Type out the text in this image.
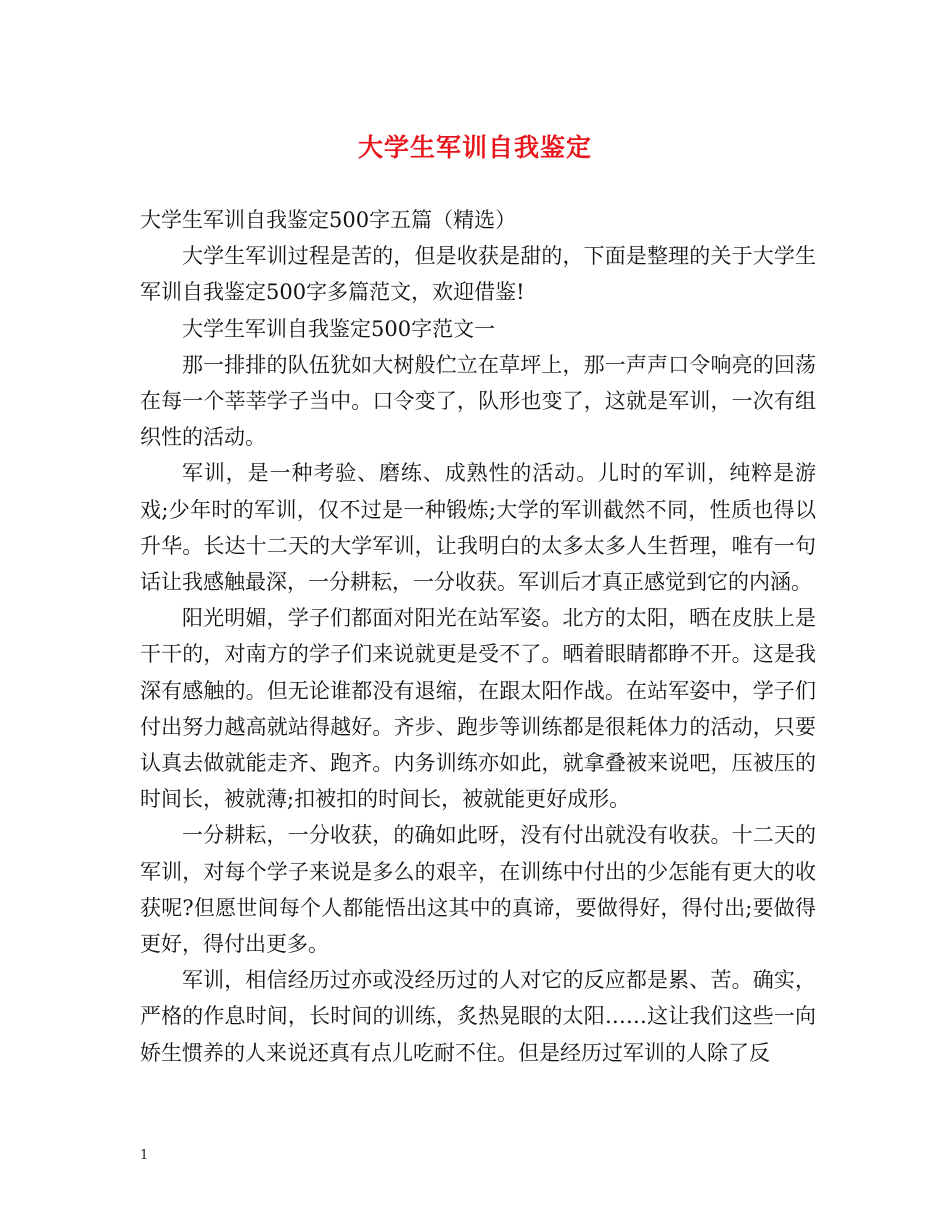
大学生军训自我鉴定

大学生军训自我鉴定500字五篇（精选）

大学生军训过程是苦的，但是收获是甜的，下面是整理的关于大学生军训自我鉴定500字多篇范文，欢迎借鉴!

大学生军训自我鉴定500字范文一

那一排排的队伍犹如大树般伫立在草坪上，那一声声口令响亮的回荡在每一个莘莘学子当中。口令变了，队形也变了，这就是军训，一次有组织性的活动。

军训，是一种考验、磨练、成熟性的活动。儿时的军训，纯粹是游戏;少年时的军训，仅不过是一种锻炼;大学的军训截然不同，性质也得以升华。长达十二天的大学军训，让我明白的太多太多人生哲理，唯有一句话让我感触最深，一分耕耘，一分收获。军训后才真正感觉到它的内涵。

阳光明媚，学子们都面对阳光在站军姿。北方的太阳，晒在皮肤上是干干的，对南方的学子们来说就更是受不了。晒着眼睛都睁不开。这是我深有感触的。但无论谁都没有退缩，在跟太阳作战。在站军姿中，学子们付出努力越高就站得越好。齐步、跑步等训练都是很耗体力的活动，只要认真去做就能走齐、跑齐。内务训练亦如此，就拿叠被来说吧，压被压的时间长，被就薄;扣被扣的时间长，被就能更好成形。

一分耕耘，一分收获，的确如此呀，没有付出就没有收获。十二天的军训，对每个学子来说是多么的艰辛，在训练中付出的少怎能有更大的收获呢?但愿世间每个人都能悟出这其中的真谛，要做得好，得付出;要做得更好，得付出更多。

军训，相信经历过亦或没经历过的人对它的反应都是累、苦。确实，严格的作息时间，长时间的训练，炙热晃眼的太阳……这让我们这些一向娇生惯养的人来说还真有点儿吃耐不住。但是经历过军训的人除了反

1
